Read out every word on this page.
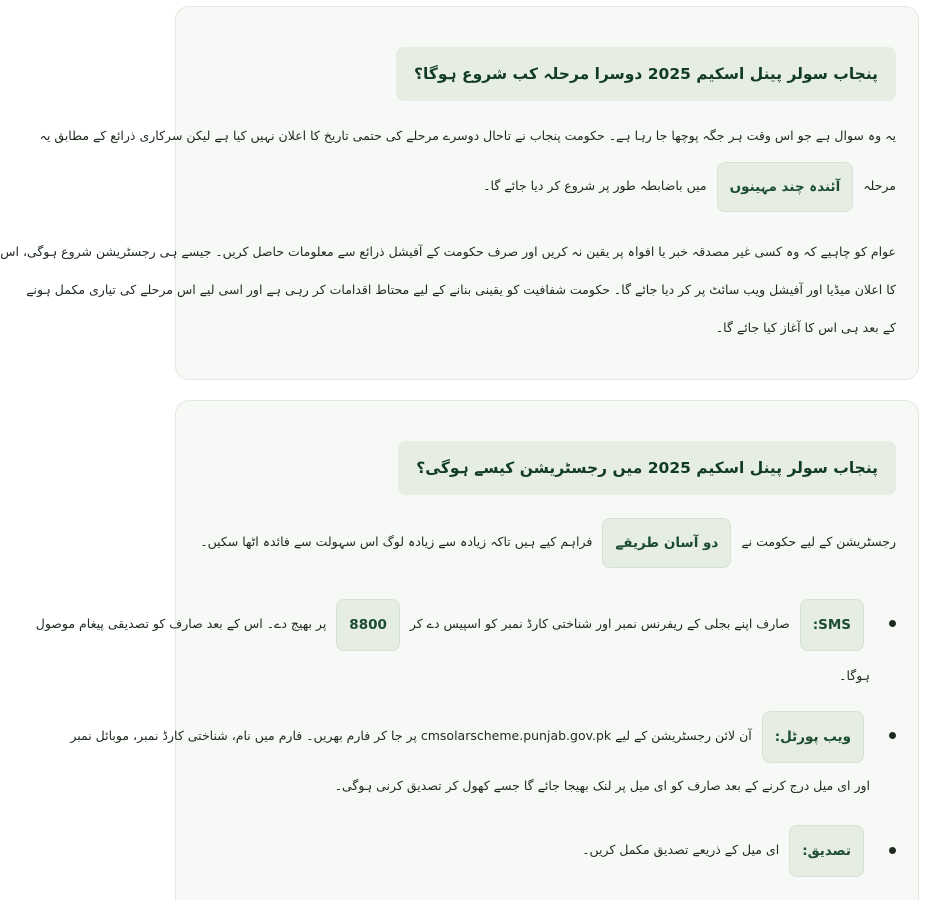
پنجاب سولر پینل اسکیم 2025 دوسرا مرحلہ کب شروع ہوگا؟
یہ وہ سوال ہے جو اس وقت ہر جگہ پوچھا جا رہا ہے۔ حکومت پنجاب نے تاحال دوسرے مرحلے کی حتمی تاریخ کا اعلان نہیں کیا ہے لیکن سرکاری ذرائع کے مطابق یہ
مرحلہ آئندہ چند مہینوں میں باضابطہ طور پر شروع کر دیا جائے گا۔
عوام کو چاہیے کہ وہ کسی غیر مصدقہ خبر یا افواہ پر یقین نہ کریں اور صرف حکومت کے آفیشل ذرائع سے معلومات حاصل کریں۔ جیسے ہی رجسٹریشن شروع ہوگی، اس
کا اعلان میڈیا اور آفیشل ویب سائٹ پر کر دیا جائے گا۔ حکومت شفافیت کو یقینی بنانے کے لیے محتاط اقدامات کر رہی ہے اور اسی لیے اس مرحلے کی تیاری مکمل ہونے
کے بعد ہی اس کا آغاز کیا جائے گا۔
پنجاب سولر پینل اسکیم 2025 میں رجسٹریشن کیسے ہوگی؟
رجسٹریشن کے لیے حکومت نے دو آسان طریقے فراہم کیے ہیں تاکہ زیادہ سے زیادہ لوگ اس سہولت سے فائدہ اٹھا سکیں۔
SMS: صارف اپنے بجلی کے ریفرنس نمبر اور شناختی کارڈ نمبر کو اسپیس دے کر 8800 پر بھیج دے۔ اس کے بعد صارف کو تصدیقی پیغام موصول
ہوگا۔
ویب پورٹل: آن لائن رجسٹریشن کے لیے cmsolarscheme.punjab.gov.pk پر جا کر فارم بھریں۔ فارم میں نام، شناختی کارڈ نمبر، موبائل نمبر
اور ای میل درج کرنے کے بعد صارف کو ای میل پر لنک بھیجا جائے گا جسے کھول کر تصدیق کرنی ہوگی۔
تصدیق: ای میل کے ذریعے تصدیق مکمل کریں۔
